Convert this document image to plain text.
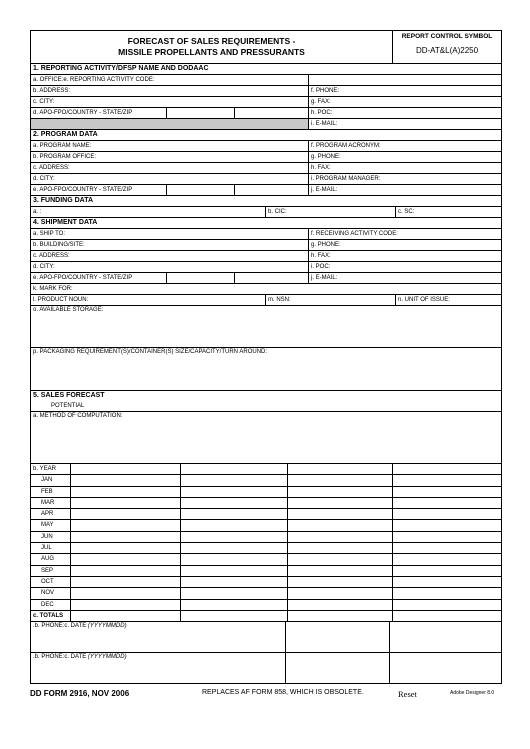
FORECAST OF SALES REQUIREMENTS -
MISSILE PROPELLANTS AND PRESSURANTS
REPORT CONTROL SYMBOL
DD-AT&L(A)2250
1. REPORTING ACTIVITY/DFSP NAME AND DODAAC
a. OFFICE:e. REPORTING ACTIVITY CODE:
b. ADDRESS:	f. PHONE:
c. CITY:	g. FAX:
d. APO-FPO/COUNTRY - STATE/ZIP	h. POC:
i. E-MAIL:
2. PROGRAM DATA
a. PROGRAM NAME:	f. PROGRAM ACRONYM:
b. PROGRAM OFFICE:	g. PHONE:
c. ADDRESS:	h. FAX:
d. CITY:	i. PROGRAM MANAGER:
e. APO-FPO/COUNTRY - STATE/ZIP	j. E-MAIL:
3. FUNDING DATA
a. :	b. CIC:	c. SC:
4. SHIPMENT DATA
a. SHIP TO:	f. RECEIVING ACTIVITY CODE:
b. BUILDING/SITE:	g. PHONE:
c. ADDRESS:	h. FAX:
d. CITY:	i. POC:
e. APO-FPO/COUNTRY - STATE/ZIP	j. E-MAIL:
k. MARK FOR:
l. PRODUCT NOUN:	m. NSN:	n. UNIT OF ISSUE:
o. AVAILABLE STORAGE:
p. PACKAGING REQUIREMENT(S)/CONTAINER(S) SIZE/CAPACITY/TURN AROUND:
5. SALES FORECAST
POTENTIAL
a. METHOD OF COMPUTATION:
b. YEAR
JAN
FEB
MAR
APR
MAY
JUN
JUL
AUG
SEP
OCT
NOV
DEC
c. TOTALS
.b. PHONE:c. DATE (YYYYMMDD)
.b. PHONE:c. DATE (YYYYMMDD)
DD FORM 2916, NOV 2006	REPLACES AF FORM 858, WHICH IS OBSOLETE.	Reset	Adobe Designer 8.0
